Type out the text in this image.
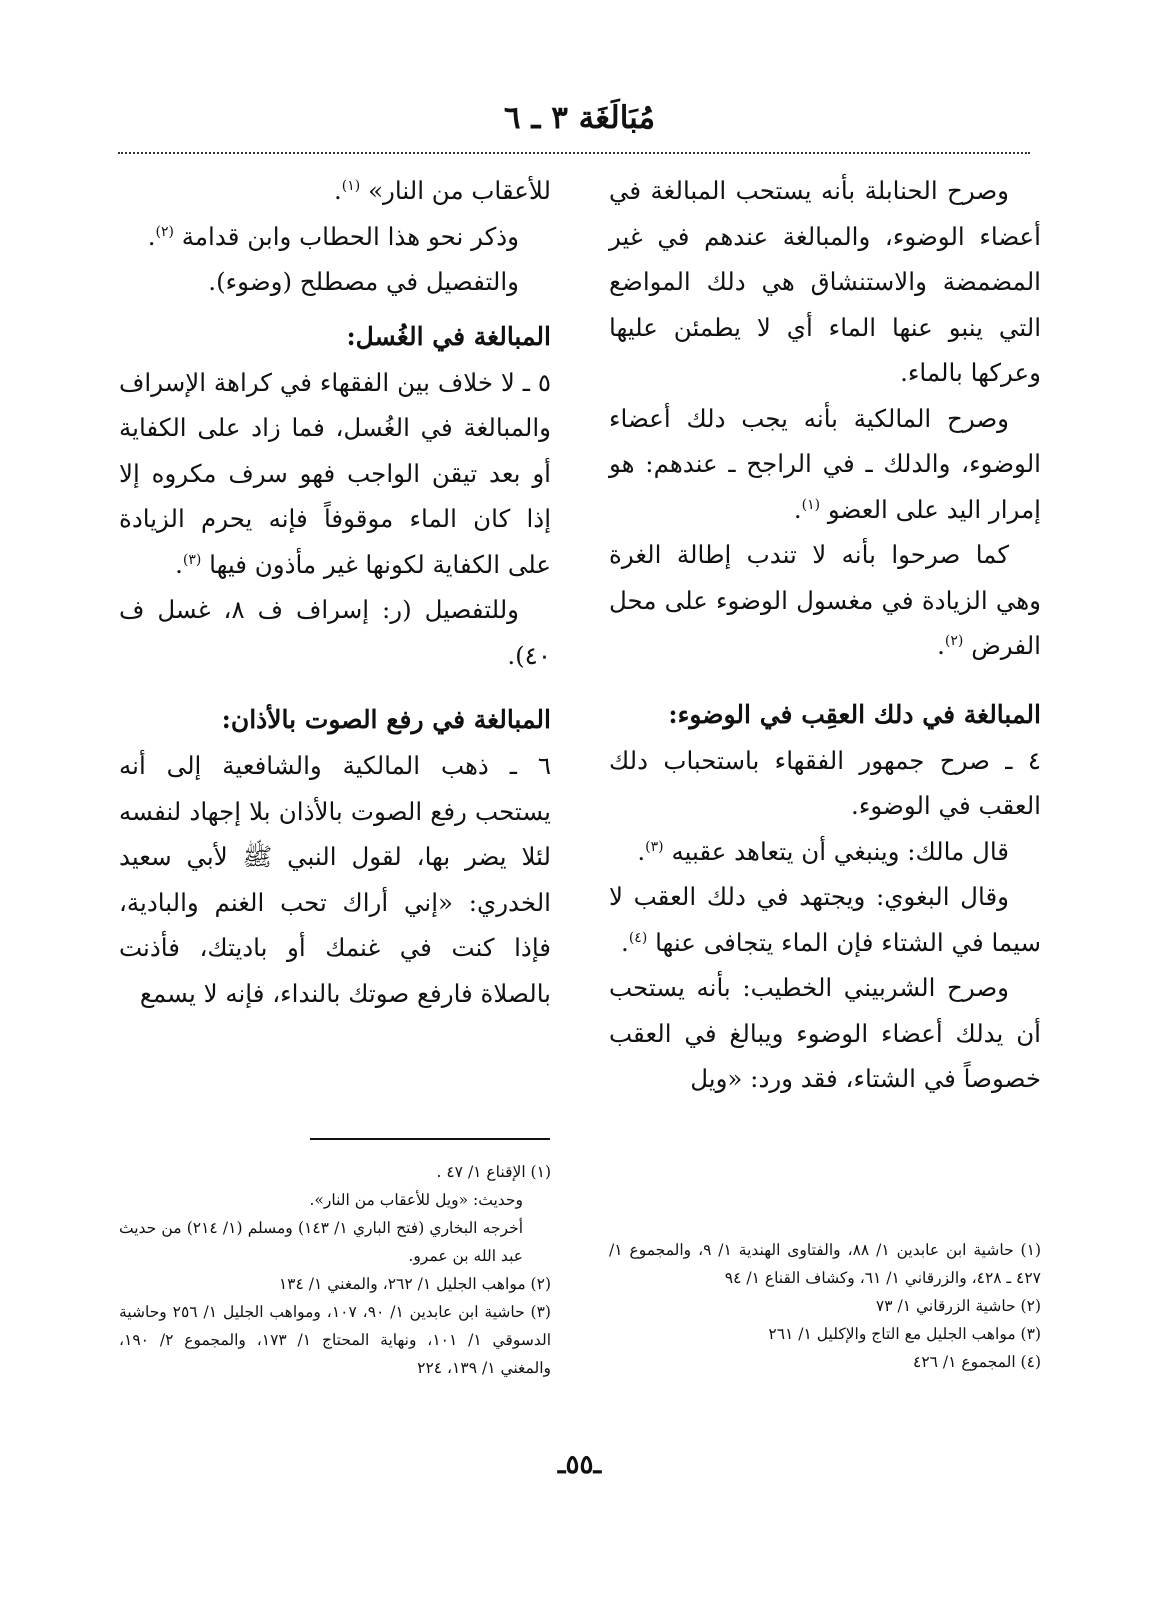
مُبَالَغَة ٣ ـ ٦

وصرح الحنابلة بأنه يستحب المبالغة في أعضاء الوضوء، والمبالغة عندهم في غير المضمضة والاستنشاق هي دلك المواضع التي ينبو عنها الماء أي لا يطمئن عليها وعركها بالماء.

وصرح المالكية بأنه يجب دلك أعضاء الوضوء، والدلك ـ في الراجح ـ عندهم: هو إمرار اليد على العضو $^{(١)}$.

كما صرحوا بأنه لا تندب إطالة الغرة وهي الزيادة في مغسول الوضوء على محل الفرض $^{(٢)}$.

المبالغة في دلك العقِب في الوضوء:

٤ ـ صرح جمهور الفقهاء باستحباب دلك العقب في الوضوء.

قال مالك: وينبغي أن يتعاهد عقبيه $^{(٣)}$.

وقال البغوي: ويجتهد في دلك العقب لا سيما في الشتاء فإن الماء يتجافى عنها $^{(٤)}$.

وصرح الشربيني الخطيب: بأنه يستحب أن يدلك أعضاء الوضوء ويبالغ في العقب خصوصاً في الشتاء، فقد ورد: «ويل

للأعقاب من النار» $^{(١)}$.

وذكر نحو هذا الحطاب وابن قدامة $^{(٢)}$.

والتفصيل في مصطلح (وضوء).

المبالغة في الغُسل:

٥ ـ لا خلاف بين الفقهاء في كراهة الإسراف والمبالغة في الغُسل، فما زاد على الكفاية أو بعد تيقن الواجب فهو سرف مكروه إلا إذا كان الماء موقوفاً فإنه يحرم الزيادة على الكفاية لكونها غير مأذون فيها $^{(٣)}$.

وللتفصيل (ر: إسراف ف ٨، غسل ف ٤٠).

المبالغة في رفع الصوت بالأذان:

٦ ـ ذهب المالكية والشافعية إلى أنه يستحب رفع الصوت بالأذان بلا إجهاد لنفسه لئلا يضر بها، لقول النبي ﷺ لأبي سعيد الخدري: «إني أراك تحب الغنم والبادية، فإذا كنت في غنمك أو باديتك، فأذنت بالصلاة فارفع صوتك بالنداء، فإنه لا يسمع

(١) الإقناع ١/ ٤٧ .

وحديث: «ويل للأعقاب من النار».

أخرجه البخاري (فتح الباري ١/ ١٤٣) ومسلم (١/ ٢١٤) من حديث عبد الله بن عمرو.

(٢) مواهب الجليل ١/ ٢٦٢، والمغني ١/ ١٣٤

(٣) حاشية ابن عابدين ١/ ٩٠، ١٠٧، ومواهب الجليل ١/ ٢٥٦ وحاشية الدسوقي ١/ ١٠١، ونهاية المحتاج ١/ ١٧٣، والمجموع ٢/ ١٩٠، والمغني ١/ ١٣٩، ٢٢٤

(١) حاشية ابن عابدين ١/ ٨٨، والفتاوى الهندية ١/ ٩، والمجموع ١/ ٤٢٧ ـ ٤٢٨، والزرقاني ١/ ٦١، وكشاف القناع ١/ ٩٤

(٢) حاشية الزرقاني ١/ ٧٣

(٣) مواهب الجليل مع التاج والإكليل ١/ ٢٦١

(٤) المجموع ١/ ٤٢٦

ـ٥٥ـ
